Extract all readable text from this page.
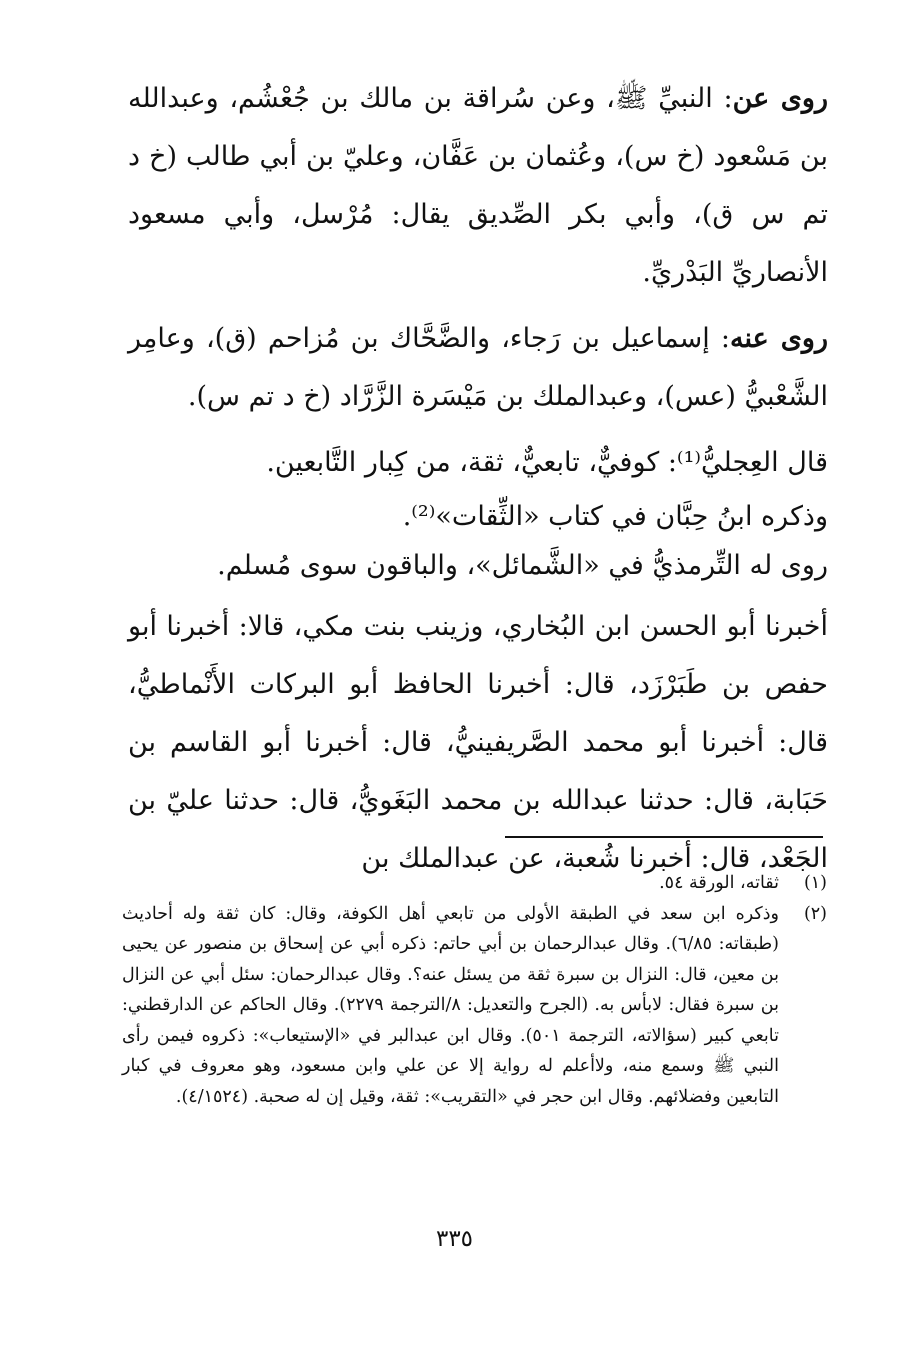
روى عن: النبيِّ ﷺ، وعن سُراقة بن مالك بن جُعْشُم، وعبدالله بن مَسْعود (خ س)، وعُثمان بن عَفَّان، وعليّ بن أبي طالب (خ د تم س ق)، وأبي بكر الصِّديق يقال: مُرْسل، وأبي مسعود الأنصاريِّ البَدْريِّ.

روى عنه: إسماعيل بن رَجاء، والضَّحَّاك بن مُزاحم (ق)، وعامِر الشَّعْبيُّ (عس)، وعبدالملك بن مَيْسَرة الزَّرَّاد (خ د تم س).

قال العِجليُّ⁽¹⁾: كوفيٌّ، تابعيٌّ، ثقة، من كِبار التَّابعين.

وذكره ابنُ حِبَّان في كتاب «الثِّقات»⁽²⁾.

روى له التِّرمذيُّ في «الشَّمائل»، والباقون سوى مُسلم.

أخبرنا أبو الحسن ابن البُخاري، وزينب بنت مكي، قالا: أخبرنا أبو حفص بن طَبَرْزَد، قال: أخبرنا الحافظ أبو البركات الأَنْماطيُّ، قال: أخبرنا أبو محمد الصَّريفينيُّ، قال: أخبرنا أبو القاسم بن حَبَابة، قال: حدثنا عبدالله بن محمد البَغَويُّ، قال: حدثنا عليّ بن الجَعْد، قال: أخبرنا شُعبة، عن عبدالملك بن

(١)
ثقاته، الورقة ٥٤.
(٢)
وذكره ابن سعد في الطبقة الأولى من تابعي أهل الكوفة، وقال: كان ثقة وله أحاديث (طبقاته: ٦/٨٥). وقال عبدالرحمان بن أبي حاتم: ذكره أبي عن إسحاق بن منصور عن يحيى بن معين، قال: النزال بن سبرة ثقة من يسئل عنه؟. وقال عبدالرحمان: سئل أبي عن النزال بن سبرة فقال: لابأس به. (الجرح والتعديل: ٨/الترجمة ٢٢٧٩). وقال الحاكم عن الدارقطني: تابعي كبير (سؤالاته، الترجمة ٥٠١). وقال ابن عبدالبر في «الإستيعاب»: ذكروه فيمن رأى النبي ﷺ وسمع منه، ولاأعلم له رواية إلا عن علي وابن مسعود، وهو معروف في كبار التابعين وفضلائهم. وقال ابن حجر في «التقريب»: ثقة، وقيل إن له صحبة. (٤/١٥٢٤).
٣٣٥
